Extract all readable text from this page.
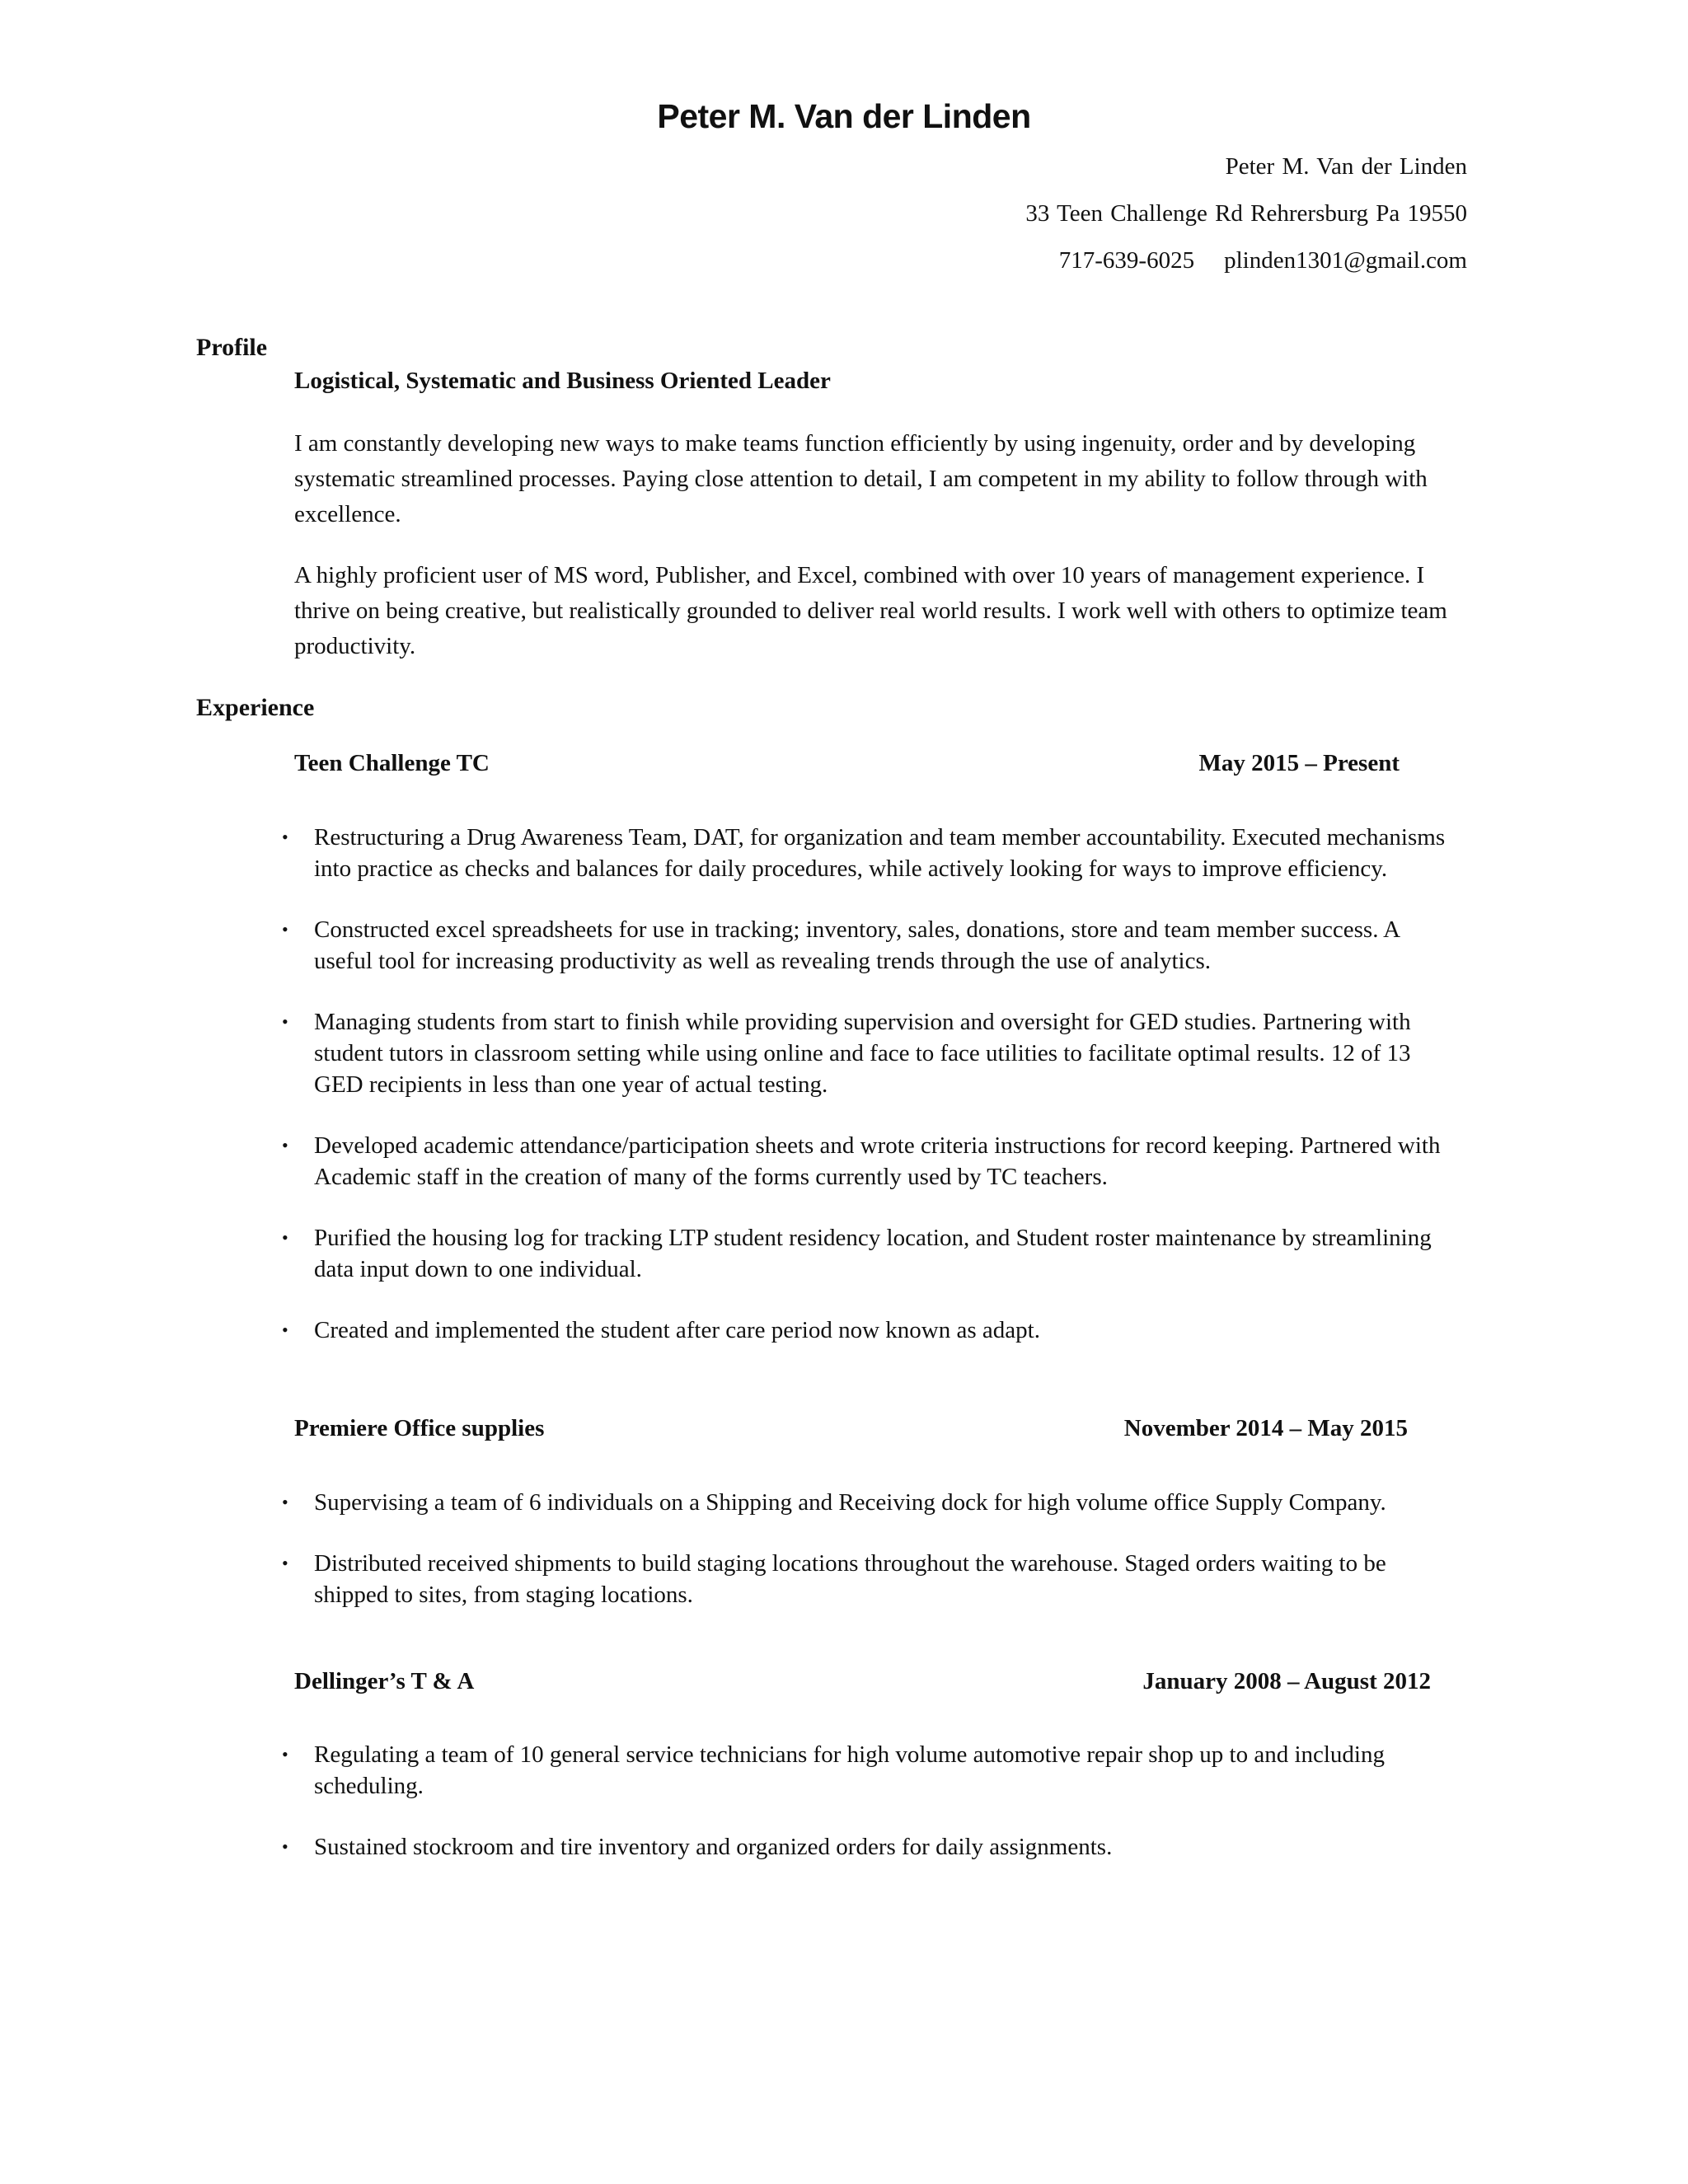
Peter M. Van der Linden
Peter M. Van der Linden
33 Teen Challenge Rd Rehrersburg Pa 19550
717-639-6025 plinden1301@gmail.com
Profile

Logistical, Systematic and Business Oriented Leader

I am constantly developing new ways to make teams function efficiently by using ingenuity, order and by developing systematic streamlined processes. Paying close attention to detail, I am competent in my ability to follow through with excellence.

A highly proficient user of MS word, Publisher, and Excel, combined with over 10 years of management experience. I thrive on being creative, but realistically grounded to deliver real world results. I work well with others to optimize team productivity.

Experience
Teen Challenge TC	May 2015 – Present
• Restructuring a Drug Awareness Team, DAT, for organization and team member accountability. Executed mechanisms into practice as checks and balances for daily procedures, while actively looking for ways to improve efficiency.
• Constructed excel spreadsheets for use in tracking; inventory, sales, donations, store and team member success. A useful tool for increasing productivity as well as revealing trends through the use of analytics.
• Managing students from start to finish while providing supervision and oversight for GED studies. Partnering with student tutors in classroom setting while using online and face to face utilities to facilitate optimal results. 12 of 13 GED recipients in less than one year of actual testing.
• Developed academic attendance/participation sheets and wrote criteria instructions for record keeping. Partnered with Academic staff in the creation of many of the forms currently used by TC teachers.
• Purified the housing log for tracking LTP student residency location, and Student roster maintenance by streamlining data input down to one individual.
• Created and implemented the student after care period now known as adapt.
Premiere Office supplies	November 2014 – May 2015
• Supervising a team of 6 individuals on a Shipping and Receiving dock for high volume office Supply Company.
• Distributed received shipments to build staging locations throughout the warehouse. Staged orders waiting to be shipped to sites, from staging locations.
Dellinger’s T & A	January 2008 – August 2012
• Regulating a team of 10 general service technicians for high volume automotive repair shop up to and including scheduling.
• Sustained stockroom and tire inventory and organized orders for daily assignments.
